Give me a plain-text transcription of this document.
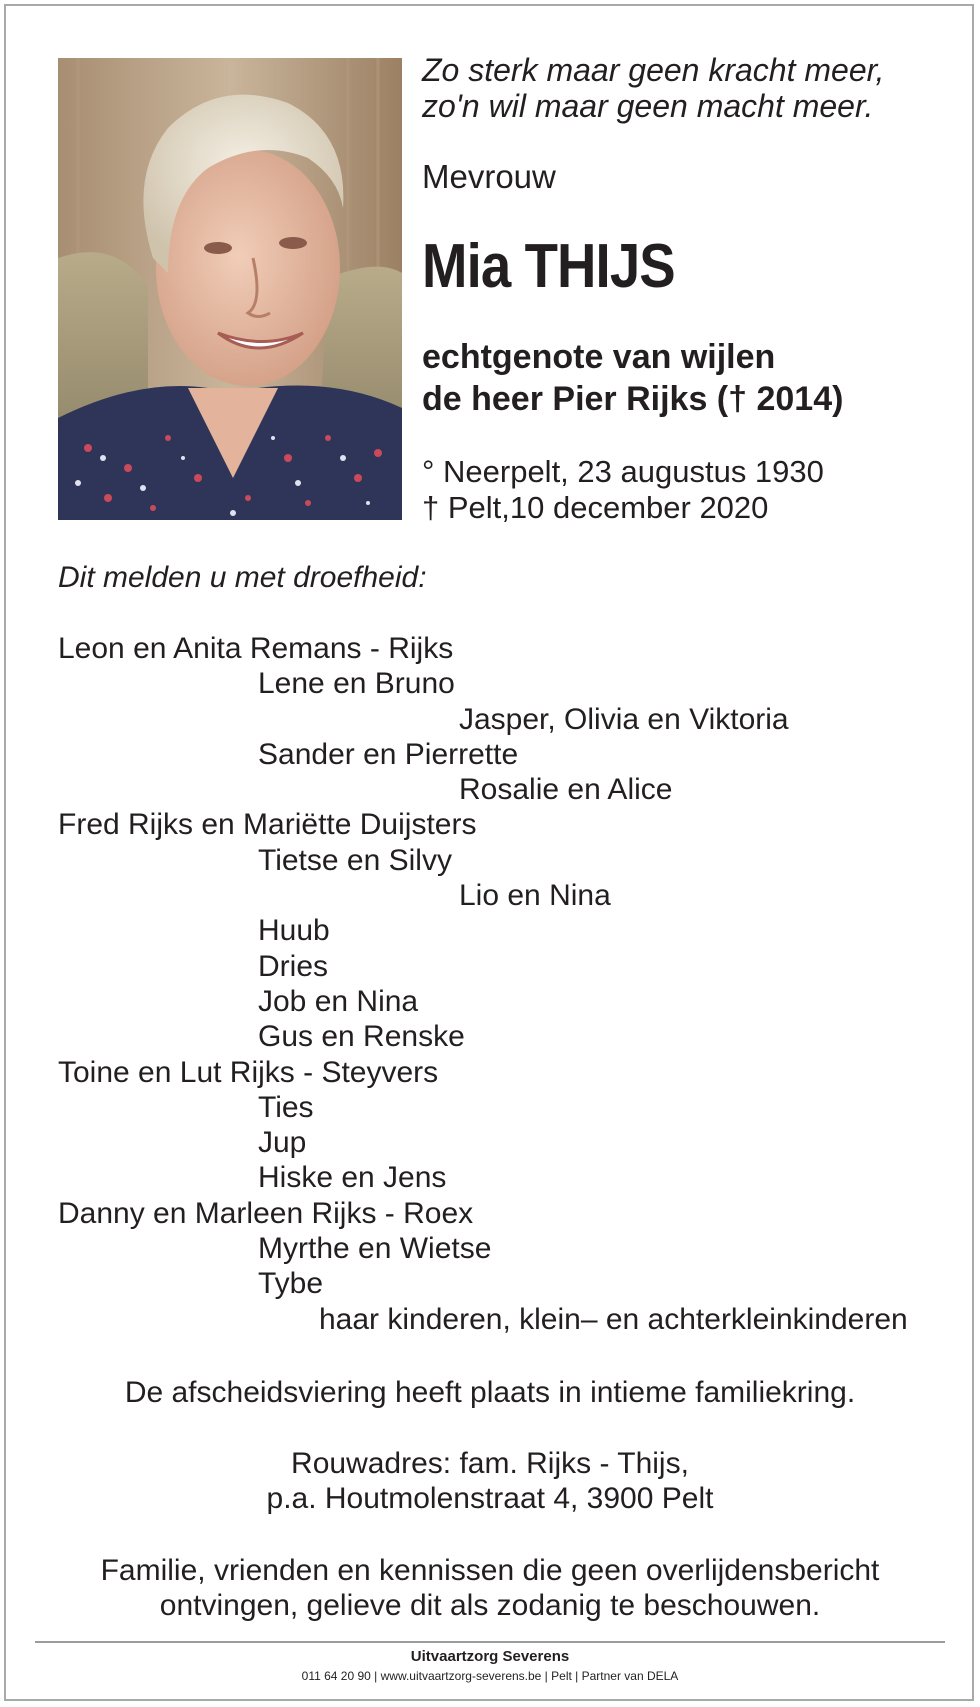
Zo sterk maar geen kracht meer,
zo'n wil maar geen macht meer.
Mevrouw
Mia THIJS
echtgenote van wijlen
de heer Pier Rijks († 2014)
° Neerpelt, 23 augustus 1930
† Pelt,10 december 2020
Dit melden u met droefheid:
Leon en Anita Remans - Rijks
Lene en Bruno
Jasper, Olivia en Viktoria
Sander en Pierrette
Rosalie en Alice
Fred Rijks en Mariëtte Duijsters
Tietse en Silvy
Lio en Nina
Huub
Dries
Job en Nina
Gus en Renske
Toine en Lut Rijks - Steyvers
Ties
Jup
Hiske en Jens
Danny en Marleen Rijks - Roex
Myrthe en Wietse
Tybe
haar kinderen, klein– en achterkleinkinderen
De afscheidsviering heeft plaats in intieme familiekring.
Rouwadres: fam. Rijks - Thijs,
p.a. Houtmolenstraat 4, 3900 Pelt
Familie, vrienden en kennissen die geen overlijdensbericht
ontvingen, gelieve dit als zodanig te beschouwen.
Uitvaartzorg Severens
011 64 20 90 | www.uitvaartzorg-severens.be | Pelt | Partner van DELA
